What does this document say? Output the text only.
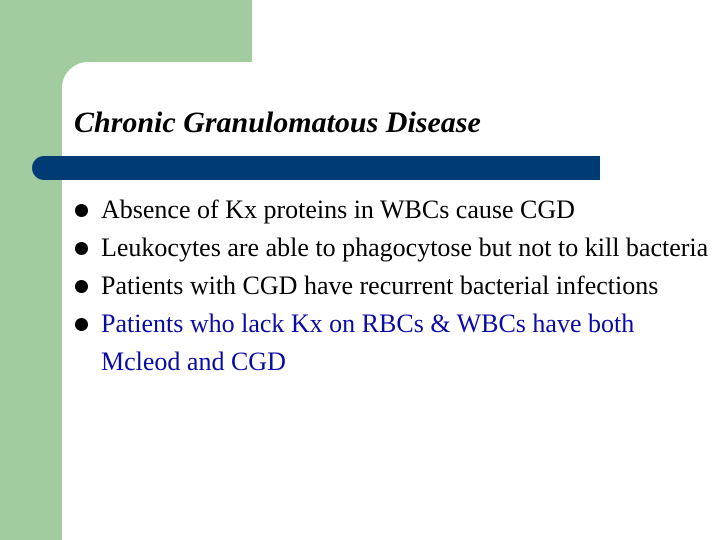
Chronic Granulomatous Disease
Absence of Kx proteins in WBCs cause CGD
Leukocytes are able to phagocytose but not to kill bacteria
Patients with CGD have recurrent bacterial infections
Patients who lack Kx on RBCs & WBCs have both Mcleod and CGD
